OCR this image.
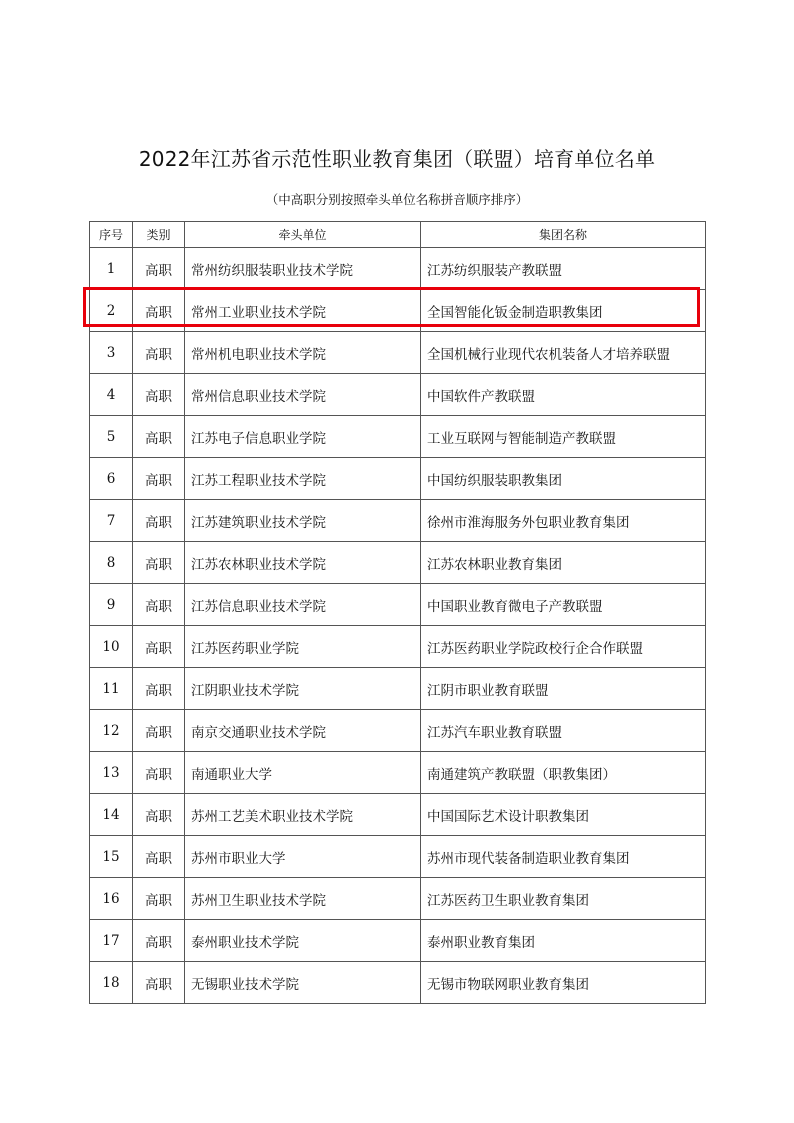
2022年江苏省示范性职业教育集团（联盟）培育单位名单
（中高职分别按照牵头单位名称拼音顺序排序）
序号	类别	牵头单位	集团名称
1	高职	常州纺织服装职业技术学院	江苏纺织服装产教联盟
2	高职	常州工业职业技术学院	全国智能化钣金制造职教集团
3	高职	常州机电职业技术学院	全国机械行业现代农机装备人才培养联盟
4	高职	常州信息职业技术学院	中国软件产教联盟
5	高职	江苏电子信息职业学院	工业互联网与智能制造产教联盟
6	高职	江苏工程职业技术学院	中国纺织服装职教集团
7	高职	江苏建筑职业技术学院	徐州市淮海服务外包职业教育集团
8	高职	江苏农林职业技术学院	江苏农林职业教育集团
9	高职	江苏信息职业技术学院	中国职业教育微电子产教联盟
10	高职	江苏医药职业学院	江苏医药职业学院政校行企合作联盟
11	高职	江阴职业技术学院	江阴市职业教育联盟
12	高职	南京交通职业技术学院	江苏汽车职业教育联盟
13	高职	南通职业大学	南通建筑产教联盟（职教集团）
14	高职	苏州工艺美术职业技术学院	中国国际艺术设计职教集团
15	高职	苏州市职业大学	苏州市现代装备制造职业教育集团
16	高职	苏州卫生职业技术学院	江苏医药卫生职业教育集团
17	高职	泰州职业技术学院	泰州职业教育集团
18	高职	无锡职业技术学院	无锡市物联网职业教育集团
